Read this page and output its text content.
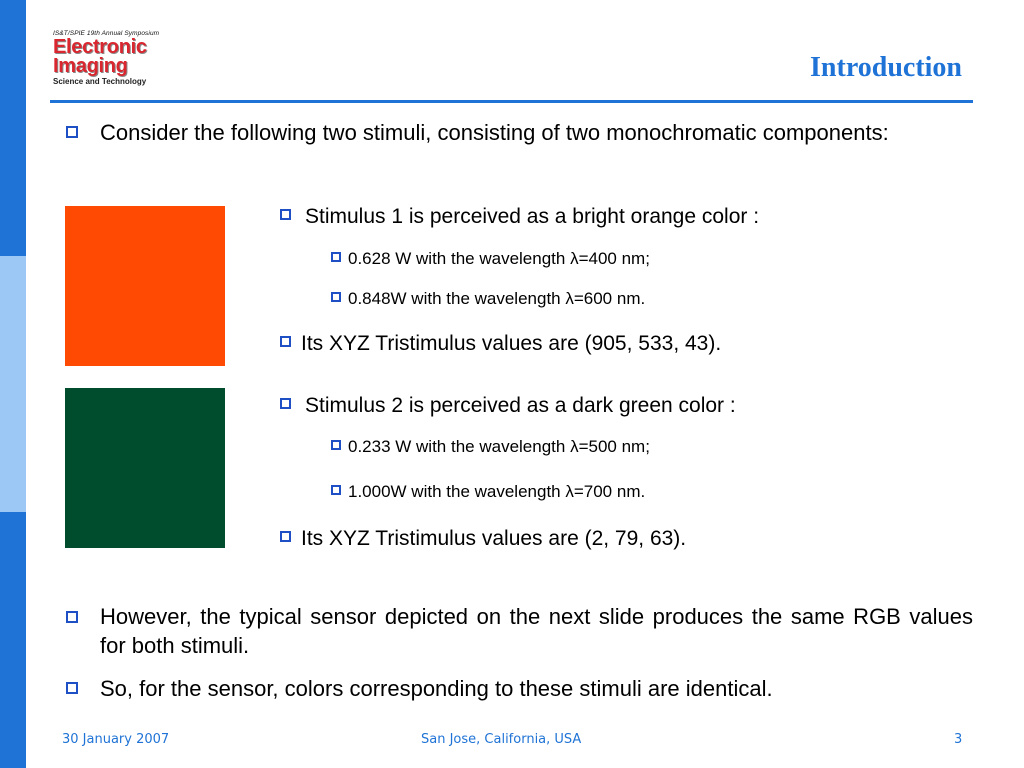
IS&T/SPIE 19th Annual Symposium
Electronic
Imaging
Science and Technology	Introduction
Consider the following two stimuli, consisting of two monochromatic components:
Stimulus 1 is perceived as a bright orange color :
0.628 W with the wavelength λ=400 nm;
0.848W with the wavelength λ=600 nm.
Its XYZ Tristimulus values are (905, 533, 43).
Stimulus 2 is perceived as a dark green color :
0.233 W with the wavelength λ=500 nm;
1.000W with the wavelength λ=700 nm.
Its XYZ Tristimulus values are (2, 79, 63).
However, the typical sensor depicted on the next slide produces the same RGB values for both stimuli.
So, for the sensor, colors corresponding to these stimuli are identical.
30 January 2007	San Jose, California, USA	3
